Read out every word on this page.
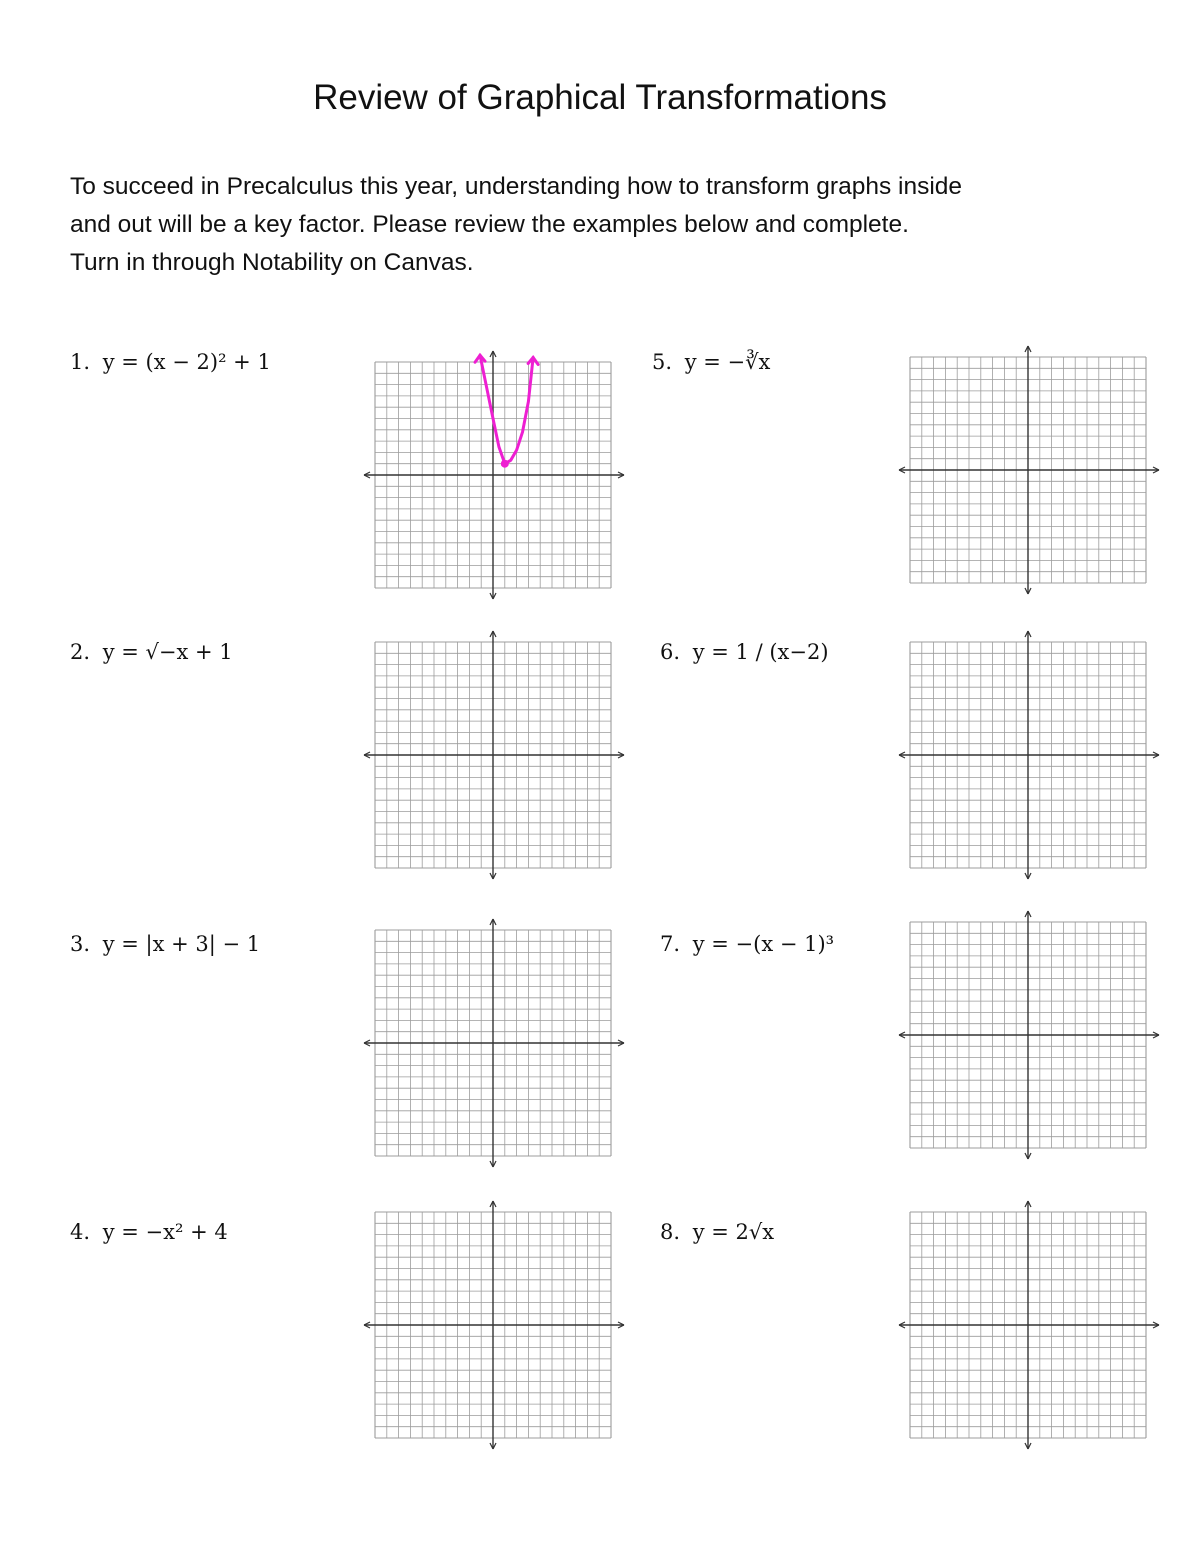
Review of Graphical Transformations
To succeed in Precalculus this year, understanding how to transform graphs inside
and out will be a key factor. Please review the examples below and complete.
Turn in through Notability on Canvas.
1. y = (x − 2)² + 1
2. y = √−x + 1
3. y = |x + 3| − 1
4. y = −x² + 4
5. y = −∛x
6. y = 1 / (x−2)
7. y = −(x − 1)³
8. y = 2√x
